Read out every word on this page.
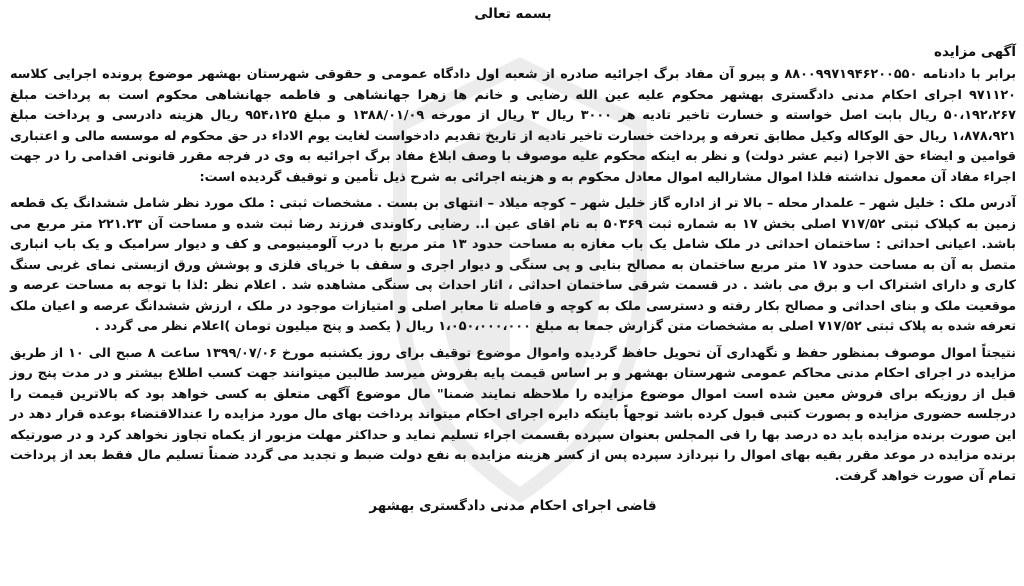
بسمه تعالی
آگهی مزایده

برابر با دادنامه ۸۸۰۰۹۹۷۱۹۴۶۲۰۰۵۵۰ و پیرو آن مفاد برگ اجرائیه صادره از شعبه اول دادگاه عمومی و حقوقی شهرستان بهشهر موضوع پرونده اجرایی کلاسه ۹۷۱۱۲۰ اجرای احکام مدنی دادگستری بهشهر محکوم علیه عین الله رضایی و خانم ها زهرا جهانشاهی و فاطمه جهانشاهی محکوم است به پرداخت مبلغ ۵۰،۱۹۲،۲۶۷ ریال بابت اصل خواسته و خسارت تاخیر تادیه هر ۳۰۰۰ ریال ۳ ریال از مورخه ۱۳۸۸/۰۱/۰۹ و مبلغ ۹۵۴،۱۲۵ ریال هزینه دادرسی و پرداخت مبلغ ۱،۸۷۸،۹۲۱ ریال حق الوکاله وکیل مطابق تعرفه و پرداخت خسارت تاخیر تادیه از تاریخ تقدیم دادخواست لغایت یوم الاداء در حق محکوم له موسسه مالی و اعتباری قوامین و ایضاء حق الاجرا (نیم عشر دولت) و نظر به اینکه محکوم علیه موصوف با وصف ابلاغ مفاد برگ اجرائیه به وی در فرجه مقرر قانونی اقدامی را در جهت اجراء مفاد آن معمول نداشته فلذا اموال مشارالیه اموال معادل محکوم به و هزینه اجرائی به شرح ذیل تأمین و توقیف گردیده است:

آدرس ملک : خلیل شهر – علمدار محله – بالا تر از اداره گاز خلیل شهر – کوچه میلاد – انتهای بن بست . مشخصات ثبتی : ملک مورد نظر شامل ششدانگ یک قطعه زمین به کپلاک ثبتی ۷۱۷/۵۲ اصلی بخش ۱۷ به شماره ثبت ۵۰۳۶۹ به نام اقای عین ا.. رضایی رکاوندی فرزند رضا ثبت شده و مساحت آن ۲۲۱.۲۳ متر مربع می باشد. اعیانی احداثی : ساختمان احداثی در ملک شامل یک باب مغازه به مساحت حدود ۱۳ متر مربع با درب آلومینیومی و کف و دیوار سرامیک و یک باب انباری متصل به آن به مساحت حدود ۱۷ متر مربع ساختمان به مصالح بنایی و پی سنگی و دیوار اجری و سقف با خرپای فلزی و پوشش ورق ازبستی نمای غربی سنگ کاری و دارای اشتراک اب و برق می باشد . در قسمت شرقی ساختمان احداثی ، اثار احداث پی سنگی مشاهده شد . اعلام نظر :لذا با توجه به مساحت عرصه و موقعیت ملک و بنای احداثی و مصالح بکار رفته و دسترسی ملک به کوچه و فاصله تا معابر اصلی و امتیازات موجود در ملک ، ارزش ششدانگ عرصه و اعیان ملک تعرفه شده به پلاک ثبتی ۷۱۷/۵۲ اصلی به مشخصات متن گزارش جمعا به مبلغ ۱،۰۵۰،۰۰۰،۰۰۰ ریال ( یکصد و پنج میلیون تومان )اعلام نظر می گردد .

نتیجتاً اموال موصوف بمنظور حفظ و نگهداری آن تحویل حافظ گردیده واموال موضوع توقیف برای روز یکشنبه مورخ ۱۳۹۹/۰۷/۰۶ ساعت ۸ صبح الی ۱۰ از طریق مزایده در اجرای احکام مدنی محاکم عمومی شهرستان بهشهر و بر اساس قیمت پایه بفروش میرسد طالبین میتوانند جهت کسب اطلاع بیشتر و در مدت پنج روز قبل از روزیکه برای فروش معین شده است اموال موضوع مزایده را ملاحظه نمایند ضمنا" مال موضوع آگهی متعلق به کسی خواهد بود که بالاترین قیمت را درجلسه حضوری مزایده و بصورت کتبی قبول کرده باشد توجهاً باینکه دایره اجرای احکام میتواند پرداخت بهای مال مورد مزایده را عندالاقتضاء بوعده قرار دهد در این صورت برنده مزایده باید ده درصد بها را فی المجلس بعنوان سپرده بقسمت اجراء تسلیم نماید و حداکثر مهلت مزبور از یکماه تجاوز نخواهد کرد و در صورتیکه برنده مزایده در موعد مقرر بقیه بهای اموال را نپردازد سپرده پس از کسر هزینه مزایده به نفع دولت ضبط و تجدید می گردد ضمناً تسلیم مال فقط بعد از پرداخت تمام آن صورت خواهد گرفت.

قاضی اجرای احکام مدنی دادگستری بهشهر
